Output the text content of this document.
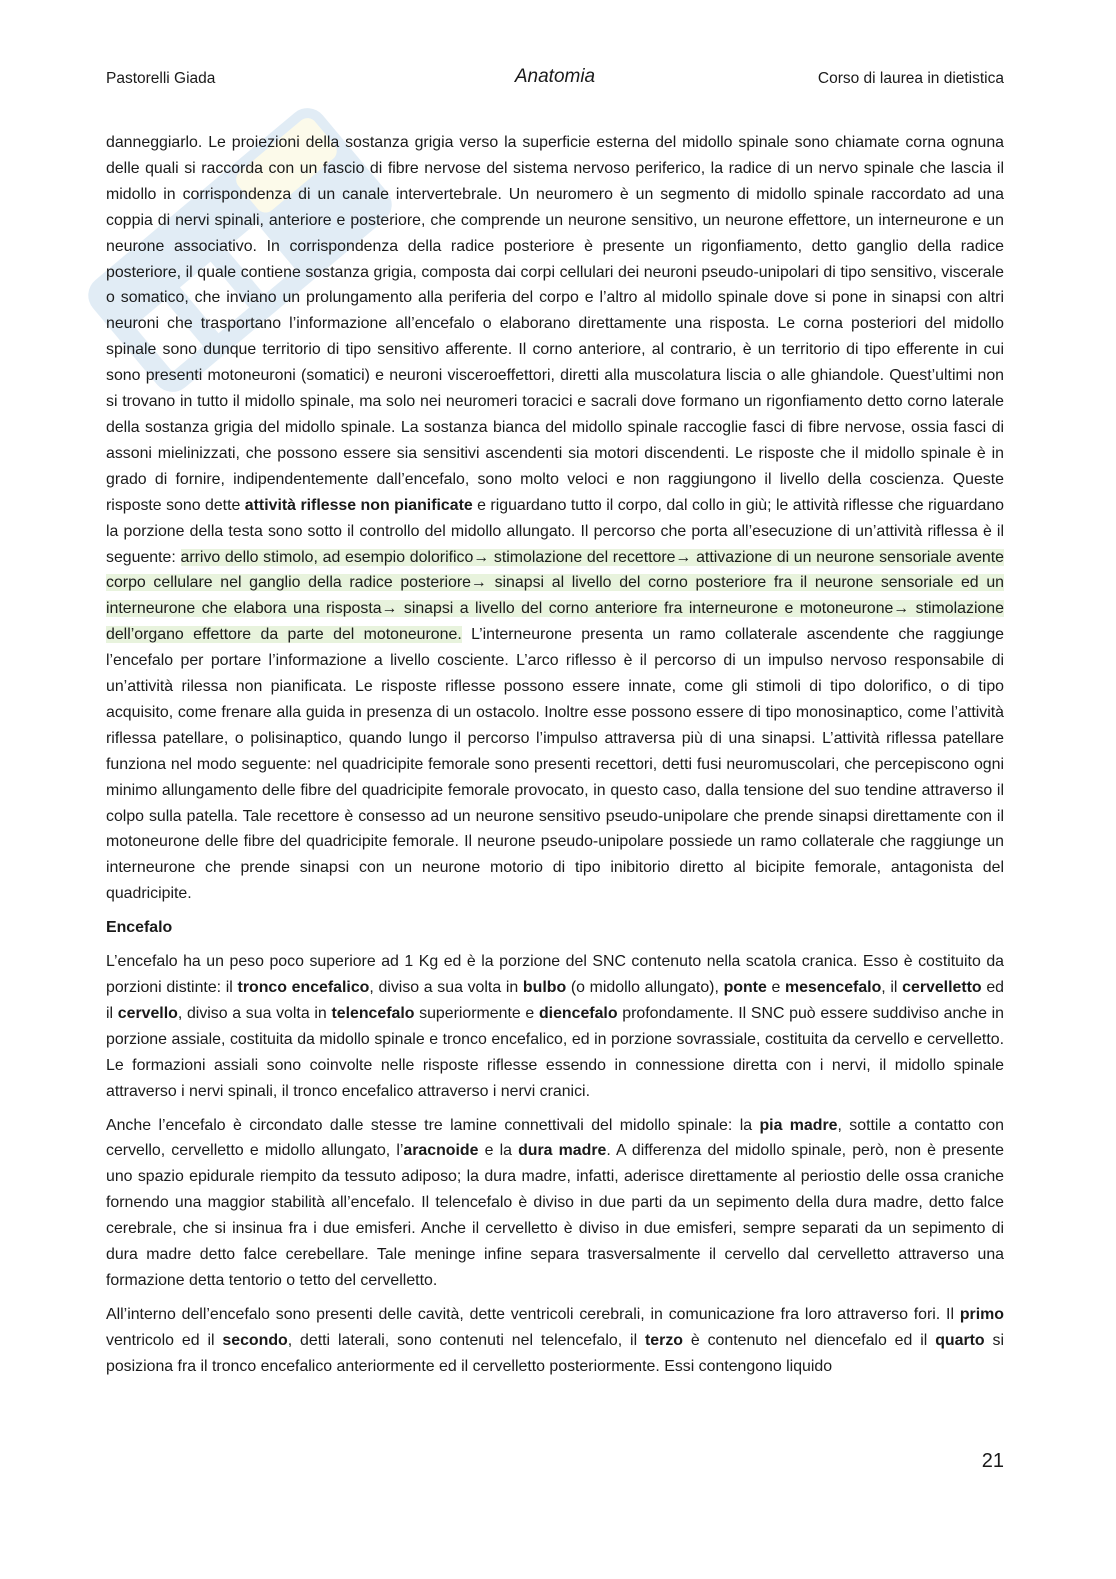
Pastorelli Giada	Anatomia	Corso di laurea in dietistica

danneggiarlo. Le proiezioni della sostanza grigia verso la superficie esterna del midollo spinale sono chiamate corna ognuna delle quali si raccorda con un fascio di fibre nervose del sistema nervoso periferico, la radice di un nervo spinale che lascia il midollo in corrispondenza di un canale intervertebrale. Un neuromero è un segmento di midollo spinale raccordato ad una coppia di nervi spinali, anteriore e posteriore, che comprende un neurone sensitivo, un neurone effettore, un interneurone e un neurone associativo. In corrispondenza della radice posteriore è presente un rigonfiamento, detto ganglio della radice posteriore, il quale contiene sostanza grigia, composta dai corpi cellulari dei neuroni pseudo-unipolari di tipo sensitivo, viscerale o somatico, che inviano un prolungamento alla periferia del corpo e l’altro al midollo spinale dove si pone in sinapsi con altri neuroni che trasportano l’informazione all’encefalo o elaborano direttamente una risposta. Le corna posteriori del midollo spinale sono dunque territorio di tipo sensitivo afferente. Il corno anteriore, al contrario, è un territorio di tipo efferente in cui sono presenti motoneuroni (somatici) e neuroni visceroeffettori, diretti alla muscolatura liscia o alle ghiandole. Quest’ultimi non si trovano in tutto il midollo spinale, ma solo nei neuromeri toracici e sacrali dove formano un rigonfiamento detto corno laterale della sostanza grigia del midollo spinale. La sostanza bianca del midollo spinale raccoglie fasci di fibre nervose, ossia fasci di assoni mielinizzati, che possono essere sia sensitivi ascendenti sia motori discendenti. Le risposte che il midollo spinale è in grado di fornire, indipendentemente dall’encefalo, sono molto veloci e non raggiungono il livello della coscienza. Queste risposte sono dette attività riflesse non pianificate e riguardano tutto il corpo, dal collo in giù; le attività riflesse che riguardano la porzione della testa sono sotto il controllo del midollo allungato. Il percorso che porta all’esecuzione di un’attività riflessa è il seguente: arrivo dello stimolo, ad esempio dolorifico→ stimolazione del recettore→ attivazione di un neurone sensoriale avente corpo cellulare nel ganglio della radice posteriore→ sinapsi al livello del corno posteriore fra il neurone sensoriale ed un interneurone che elabora una risposta→ sinapsi a livello del corno anteriore fra interneurone e motoneurone→ stimolazione dell’organo effettore da parte del motoneurone. L’interneurone presenta un ramo collaterale ascendente che raggiunge l’encefalo per portare l’informazione a livello cosciente. L’arco riflesso è il percorso di un impulso nervoso responsabile di un’attività rilessa non pianificata. Le risposte riflesse possono essere innate, come gli stimoli di tipo dolorifico, o di tipo acquisito, come frenare alla guida in presenza di un ostacolo. Inoltre esse possono essere di tipo monosinaptico, come l’attività riflessa patellare, o polisinaptico, quando lungo il percorso l’impulso attraversa più di una sinapsi. L’attività riflessa patellare funziona nel modo seguente: nel quadricipite femorale sono presenti recettori, detti fusi neuromuscolari, che percepiscono ogni minimo allungamento delle fibre del quadricipite femorale provocato, in questo caso, dalla tensione del suo tendine attraverso il colpo sulla patella. Tale recettore è consesso ad un neurone sensitivo pseudo-unipolare che prende sinapsi direttamente con il motoneurone delle fibre del quadricipite femorale. Il neurone pseudo-unipolare possiede un ramo collaterale che raggiunge un interneurone che prende sinapsi con un neurone motorio di tipo inibitorio diretto al bicipite femorale, antagonista del quadricipite.

Encefalo

L’encefalo ha un peso poco superiore ad 1 Kg ed è la porzione del SNC contenuto nella scatola cranica. Esso è costituito da porzioni distinte: il tronco encefalico, diviso a sua volta in bulbo (o midollo allungato), ponte e mesencefalo, il cervelletto ed il cervello, diviso a sua volta in telencefalo superiormente e diencefalo profondamente. Il SNC può essere suddiviso anche in porzione assiale, costituita da midollo spinale e tronco encefalico, ed in porzione sovrassiale, costituita da cervello e cervelletto. Le formazioni assiali sono coinvolte nelle risposte riflesse essendo in connessione diretta con i nervi, il midollo spinale attraverso i nervi spinali, il tronco encefalico attraverso i nervi cranici.

Anche l’encefalo è circondato dalle stesse tre lamine connettivali del midollo spinale: la pia madre, sottile a contatto con cervello, cervelletto e midollo allungato, l’aracnoide e la dura madre. A differenza del midollo spinale, però, non è presente uno spazio epidurale riempito da tessuto adiposo; la dura madre, infatti, aderisce direttamente al periostio delle ossa craniche fornendo una maggior stabilità all’encefalo. Il telencefalo è diviso in due parti da un sepimento della dura madre, detto falce cerebrale, che si insinua fra i due emisferi. Anche il cervelletto è diviso in due emisferi, sempre separati da un sepimento di dura madre detto falce cerebellare. Tale meninge infine separa trasversalmente il cervello dal cervelletto attraverso una formazione detta tentorio o tetto del cervelletto.

All’interno dell’encefalo sono presenti delle cavità, dette ventricoli cerebrali, in comunicazione fra loro attraverso fori. Il primo ventricolo ed il secondo, detti laterali, sono contenuti nel telencefalo, il terzo è contenuto nel diencefalo ed il quarto si posiziona fra il tronco encefalico anteriormente ed il cervelletto posteriormente. Essi contengono liquido

21
